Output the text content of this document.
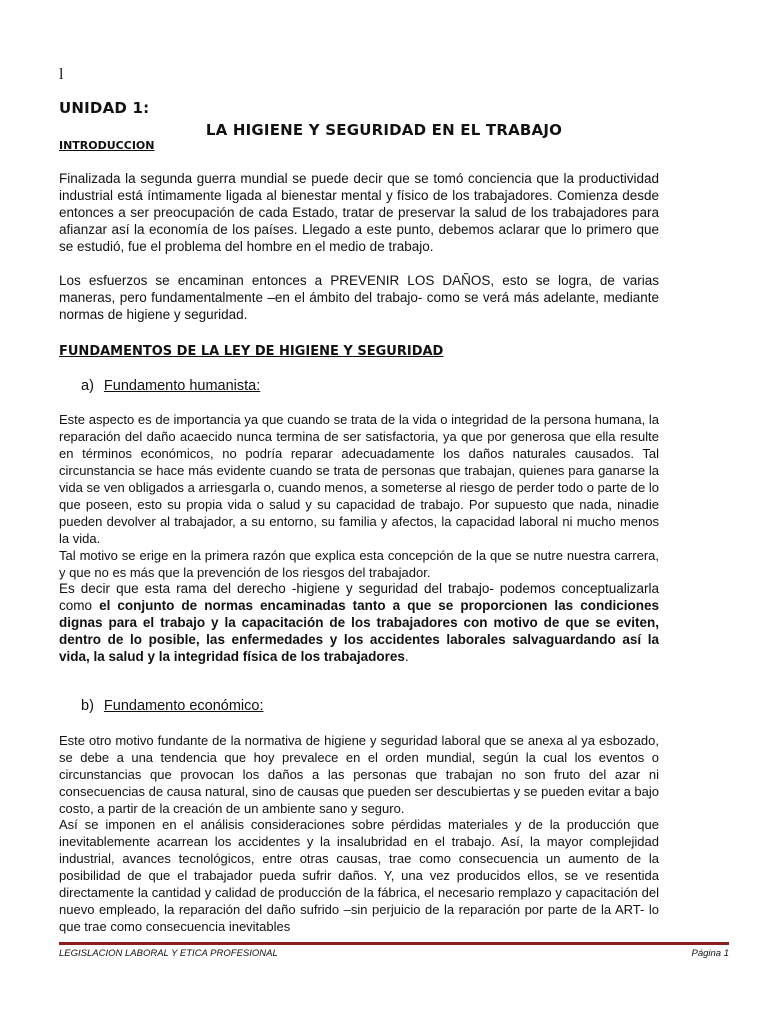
l
UNIDAD 1:
LA HIGIENE Y SEGURIDAD EN EL TRABAJO
INTRODUCCION

Finalizada la segunda guerra mundial se puede decir que se tomó conciencia que la productividad industrial está íntimamente ligada al bienestar mental y físico de los trabajadores. Comienza desde entonces a ser preocupación de cada Estado, tratar de preservar la salud de los trabajadores para afianzar así la economía de los países. Llegado a este punto, debemos aclarar que lo primero que se estudió, fue el problema del hombre en el medio de trabajo.

Los esfuerzos se encaminan entonces a PREVENIR LOS DAÑOS, esto se logra, de varias maneras, pero fundamentalmente –en el ámbito del trabajo- como se verá más adelante, mediante normas de higiene y seguridad.

FUNDAMENTOS DE LA LEY DE HIGIENE Y SEGURIDAD
a) Fundamento humanista:

Este aspecto es de importancia ya que cuando se trata de la vida o integridad de la persona humana, la reparación del daño acaecido nunca termina de ser satisfactoria, ya que por generosa que ella resulte en términos económicos, no podría reparar adecuadamente los daños naturales causados. Tal circunstancia se hace más evidente cuando se trata de personas que trabajan, quienes para ganarse la vida se ven obligados a arriesgarla o, cuando menos, a someterse al riesgo de perder todo o parte de lo que poseen, esto su propia vida o salud y su capacidad de trabajo. Por supuesto que nada, ninadie pueden devolver al trabajador, a su entorno, su familia y afectos, la capacidad laboral ni mucho menos la vida.

Tal motivo se erige en la primera razón que explica esta concepción de la que se nutre nuestra carrera, y que no es más que la prevención de los riesgos del trabajador.

Es decir que esta rama del derecho -higiene y seguridad del trabajo- podemos conceptualizarla como el conjunto de normas encaminadas tanto a que se proporcionen las condiciones dignas para el trabajo y la capacitación de los trabajadores con motivo de que se eviten, dentro de lo posible, las enfermedades y los accidentes laborales salvaguardando así la vida, la salud y la integridad física de los trabajadores.

b) Fundamento económico:

Este otro motivo fundante de la normativa de higiene y seguridad laboral que se anexa al ya esbozado, se debe a una tendencia que hoy prevalece en el orden mundial, según la cual los eventos o circunstancias que provocan los daños a las personas que trabajan no son fruto del azar ni consecuencias de causa natural, sino de causas que pueden ser descubiertas y se pueden evitar a bajo costo, a partir de la creación de un ambiente sano y seguro.

Así se imponen en el análisis consideraciones sobre pérdidas materiales y de la producción que inevitablemente acarrean los accidentes y la insalubridad en el trabajo. Así, la mayor complejidad industrial, avances tecnológicos, entre otras causas, trae como consecuencia un aumento de la posibilidad de que el trabajador pueda sufrir daños. Y, una vez producidos ellos, se ve resentida directamente la cantidad y calidad de producción de la fábrica, el necesario remplazo y capacitación del nuevo empleado, la reparación del daño sufrido –sin perjuicio de la reparación por parte de la ART- lo que trae como consecuencia inevitables

LEGISLACION LABORAL Y ETICA PROFESIONAL	Página 1
